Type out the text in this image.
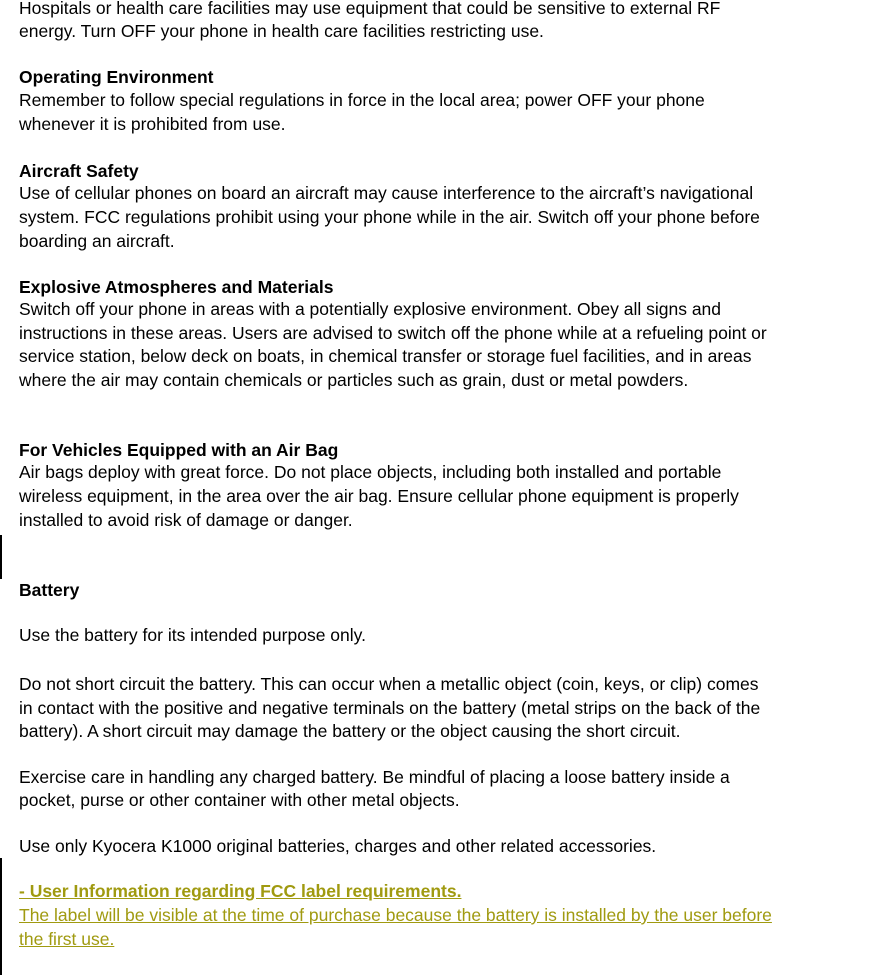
Hospitals or health care facilities may use equipment that could be sensitive to external RF
energy. Turn OFF your phone in health care facilities restricting use.
Operating Environment
Remember to follow special regulations in force in the local area; power OFF your phone
whenever it is prohibited from use.
Aircraft Safety
Use of cellular phones on board an aircraft may cause interference to the aircraft’s navigational
system. FCC regulations prohibit using your phone while in the air. Switch off your phone before
boarding an aircraft.
Explosive Atmospheres and Materials
Switch off your phone in areas with a potentially explosive environment. Obey all signs and
instructions in these areas. Users are advised to switch off the phone while at a refueling point or
service station, below deck on boats, in chemical transfer or storage fuel facilities, and in areas
where the air may contain chemicals or particles such as grain, dust or metal powders.
For Vehicles Equipped with an Air Bag
Air bags deploy with great force. Do not place objects, including both installed and portable
wireless equipment, in the area over the air bag. Ensure cellular phone equipment is properly
installed to avoid risk of damage or danger.
Battery
Use the battery for its intended purpose only.
Do not short circuit the battery. This can occur when a metallic object (coin, keys, or clip) comes
in contact with the positive and negative terminals on the battery (metal strips on the back of the
battery). A short circuit may damage the battery or the object causing the short circuit.
Exercise care in handling any charged battery. Be mindful of placing a loose battery inside a
pocket, purse or other container with other metal objects.
Use only Kyocera K1000 original batteries, charges and other related accessories.
- User Information regarding FCC label requirements.
The label will be visible at the time of purchase because the battery is installed by the user before
the first use.
